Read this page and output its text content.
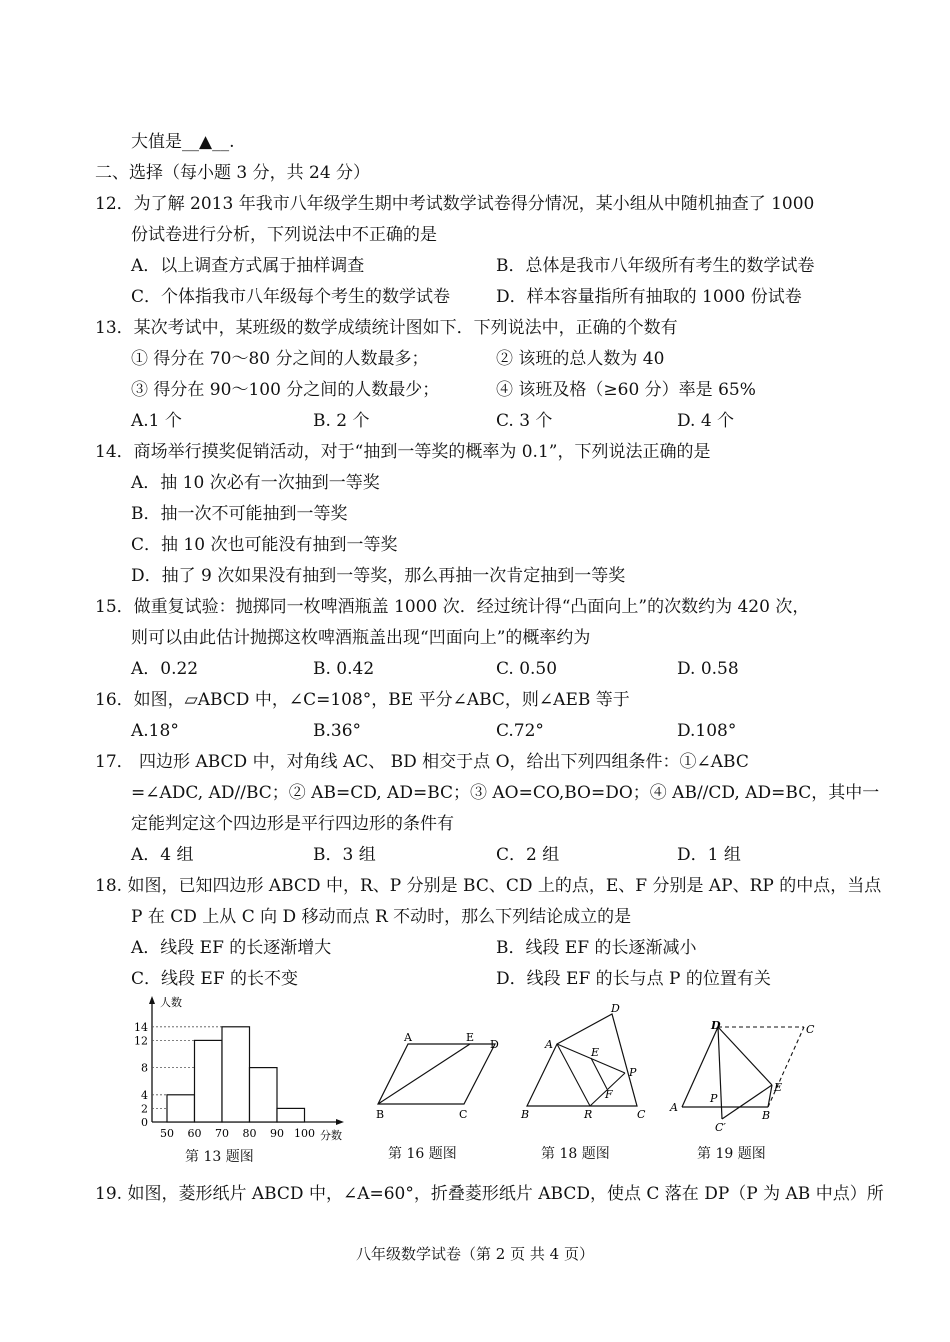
大值是__▲__.
二、选择（每小题 3 分，共 24 分）
12．为了解 2013 年我市八年级学生期中考试数学试卷得分情况，某小组从中随机抽查了 1000
份试卷进行分析，下列说法中不正确的是
A．以上调查方式属于抽样调查	B．总体是我市八年级所有考生的数学试卷
C．个体指我市八年级每个考生的数学试卷	D．样本容量指所有抽取的 1000 份试卷
13．某次考试中，某班级的数学成绩统计图如下．下列说法中，正确的个数有
① 得分在 70～80 分之间的人数最多；	② 该班的总人数为 40
③ 得分在 90～100 分之间的人数最少；	④ 该班及格（≥60 分）率是 65%
A.1 个	B. 2 个	C. 3 个	D. 4 个
14．商场举行摸奖促销活动，对于“抽到一等奖的概率为 0.1”，下列说法正确的是
A．抽 10 次必有一次抽到一等奖
B．抽一次不可能抽到一等奖
C．抽 10 次也可能没有抽到一等奖
D．抽了 9 次如果没有抽到一等奖，那么再抽一次肯定抽到一等奖
15．做重复试验：抛掷同一枚啤酒瓶盖 1000 次．经过统计得“凸面向上”的次数约为 420 次，
则可以由此估计抛掷这枚啤酒瓶盖出现“凹面向上”的概率约为
A．0.22	B. 0.42	C. 0.50	D. 0.58
16．如图，▱ABCD 中，∠C=108°，BE 平分∠ABC，则∠AEB 等于
A.18°	B.36°	C.72°	D.108°
17． 四边形 ABCD 中，对角线 AC、 BD 相交于点 O，给出下列四组条件：①∠ABC
=∠ADC, AD//BC；② AB=CD, AD=BC；③ AO=CO,BO=DO；④ AB//CD, AD=BC，其中一
定能判定这个四边形是平行四边形的条件有
A．4 组	B．3 组	C．2 组	D．1 组
18. 如图，已知四边形 ABCD 中，R、P 分别是 BC、CD 上的点，E、F 分别是 AP、RP 的中点，当点
P 在 CD 上从 C 向 D 移动而点 R 不动时，那么下列结论成立的是
A．线段 EF 的长逐渐增大	B．线段 EF 的长逐渐减小
C．线段 EF 的长不变	D．线段 EF 的长与点 P 的位置有关
人数
分数
0
2
4
8
12
14
50 60 70 80 90 100
第 13 题图
A	E
D
B	C
第 16 题图
D
A
E
P
F
B	R	C
第 18 题图
D	C
A
P
E
B
C′
第 19 题图
19. 如图，菱形纸片 ABCD 中，∠A=60°，折叠菱形纸片 ABCD，使点 C 落在 DP（P 为 AB 中点）所
八年级数学试卷（第 2 页 共 4 页）
